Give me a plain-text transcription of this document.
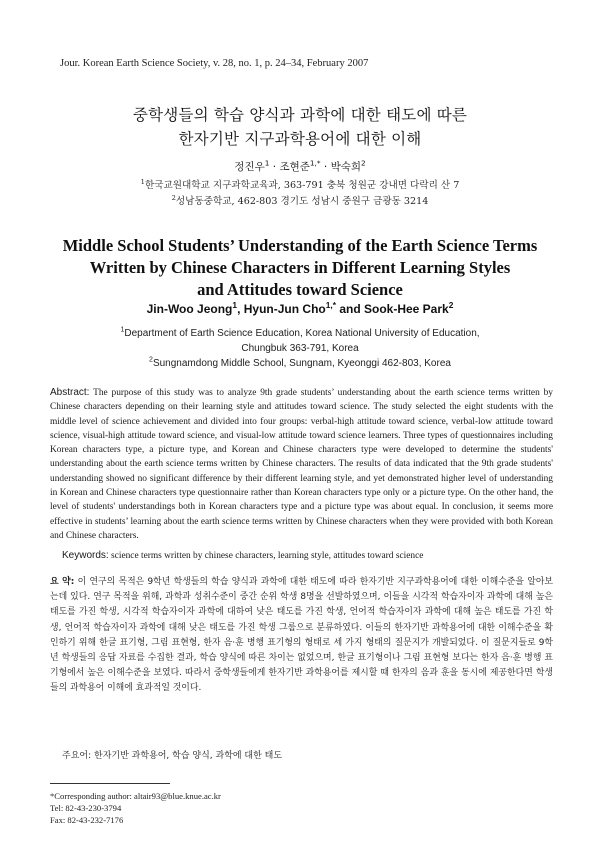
Jour. Korean Earth Science Society, v. 28, no. 1, p. 24–34, February 2007
중학생들의 학습 양식과 과학에 대한 태도에 따른
한자기반 지구과학용어에 대한 이해
정진우$^1$ · 조현준$^{1,*}$ · 박숙희$^2$
$^1$한국교원대학교 지구과학교육과, 363-791 충북 청원군 강내면 다락리 산 7
$^2$성남동중학교, 462-803 경기도 성남시 중원구 금광동 3214
Middle School Students’ Understanding of the Earth Science Terms
Written by Chinese Characters in Different Learning Styles
and Attitudes toward Science
Jin-Woo Jeong$^1$, Hyun-Jun Cho$^{1,*}$ and Sook-Hee Park$^2$
$^1$Department of Earth Science Education, Korea National University of Education,
Chungbuk 363-791, Korea
$^2$Sungnamdong Middle School, Sungnam, Kyeonggi 462-803, Korea
Abstract: The purpose of this study was to analyze 9th grade students’ understanding about the earth science terms written by Chinese characters depending on their learning style and attitudes toward science. The study selected the eight students with the middle level of science achievement and divided into four groups: verbal-high attitude toward science, verbal-low attitude toward science, visual-high attitude toward science, and visual-low attitude toward science learners. Three types of questionnaires including Korean characters type, a picture type, and Korean and Chinese characters type were developed to determine the students' understanding about the earth science terms written by Chinese characters. The results of data indicated that the 9th grade students' understanding showed no significant difference by their different learning style, and yet demonstrated higher level of understanding in Korean and Chinese characters type questionnaire rather than Korean characters type only or a picture type. On the other hand, the level of students' understandings both in Korean characters type and a picture type was about equal. In conclusion, it seems more effective in students’ learning about the earth science terms written by Chinese characters when they were provided with both Korean and Chinese characters.
Keywords: science terms written by chinese characters, learning style, attitudes toward science
요 약: 이 연구의 목적은 9학년 학생들의 학습 양식과 과학에 대한 태도에 따라 한자기반 지구과학용어에 대한 이해수준을 알아보는데 있다. 연구 목적을 위해, 과학과 성취수준이 중간 순위 학생 8명을 선발하였으며, 이들을 시각적 학습자이자 과학에 대해 높은 태도를 가진 학생, 시각적 학습자이자 과학에 대하여 낮은 태도를 가진 학생, 언어적 학습자이자 과학에 대해 높은 태도를 가진 학생, 언어적 학습자이자 과학에 대해 낮은 태도를 가진 학생 그룹으로 분류하였다. 이들의 한자기반 과학용어에 대한 이해수준을 확인하기 위해 한글 표기형, 그림 표현형, 한자 음·훈 병행 표기형의 형태로 세 가지 형태의 질문지가 개발되었다. 이 질문지들로 9학년 학생들의 응답 자료를 수집한 결과, 학습 양식에 따른 차이는 없었으며, 한글 표기형이나 그림 표현형 보다는 한자 음·훈 병행 표기형에서 높은 이해수준을 보였다. 따라서 중학생들에게 한자기반 과학용어를 제시할 때 한자의 음과 훈을 동시에 제공한다면 학생들의 과학용어 이해에 효과적일 것이다.
주요어: 한자기반 과학용어, 학습 양식, 과학에 대한 태도
*Corresponding author: altair93@blue.knue.ac.kr
Tel: 82-43-230-3794
Fax: 82-43-232-7176
